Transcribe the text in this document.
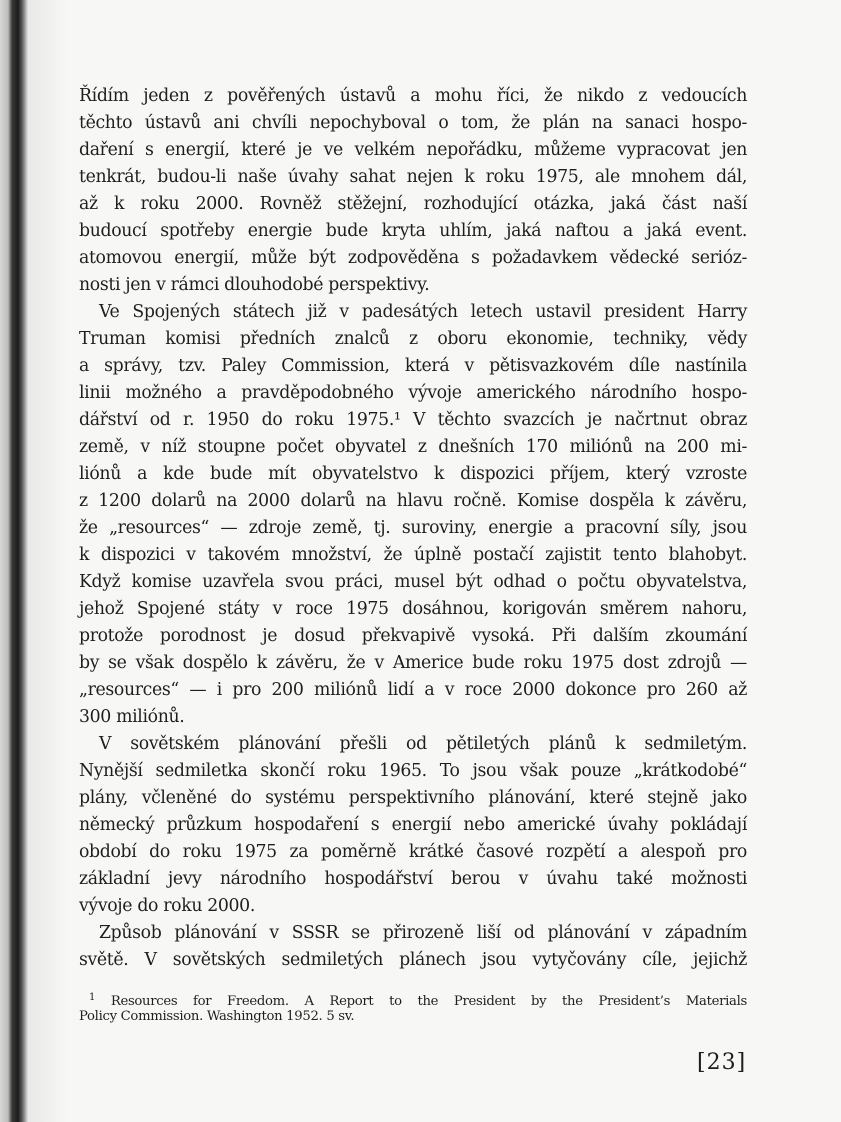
Řídím jeden z pověřených ústavů a mohu říci, že nikdo z vedoucích
těchto ústavů ani chvíli nepochyboval o tom, že plán na sanaci hospo-
daření s energií, které je ve velkém nepořádku, můžeme vypracovat jen
tenkrát, budou-li naše úvahy sahat nejen k roku 1975, ale mnohem dál,
až k roku 2000. Rovněž stěžejní, rozhodující otázka, jaká část naší
budoucí spotřeby energie bude kryta uhlím, jaká naftou a jaká event.
atomovou energií, může být zodpověděna s požadavkem vědecké serióz-
nosti jen v rámci dlouhodobé perspektivy.
Ve Spojených státech již v padesátých letech ustavil president Harry
Truman komisi předních znalců z oboru ekonomie, techniky, vědy
a správy, tzv. Paley Commission, která v pětisvazkovém díle nastínila
linii možného a pravděpodobného vývoje amerického národního hospo-
dářství od r. 1950 do roku 1975.¹ V těchto svazcích je načrtnut obraz
země, v níž stoupne počet obyvatel z dnešních 170 miliónů na 200 mi-
liónů a kde bude mít obyvatelstvo k dispozici příjem, který vzroste
z 1200 dolarů na 2000 dolarů na hlavu ročně. Komise dospěla k závěru,
že „resources“ — zdroje země, tj. suroviny, energie a pracovní síly, jsou
k dispozici v takovém množství, že úplně postačí zajistit tento blahobyt.
Když komise uzavřela svou práci, musel být odhad o počtu obyvatelstva,
jehož Spojené státy v roce 1975 dosáhnou, korigován směrem nahoru,
protože porodnost je dosud překvapivě vysoká. Při dalším zkoumání
by se však dospělo k závěru, že v Americe bude roku 1975 dost zdrojů —
„resources“ — i pro 200 miliónů lidí a v roce 2000 dokonce pro 260 až
300 miliónů.
V sovětském plánování přešli od pětiletých plánů k sedmiletým.
Nynější sedmiletka skončí roku 1965. To jsou však pouze „krátkodobé“
plány, včleněné do systému perspektivního plánování, které stejně jako
německý průzkum hospodaření s energií nebo americké úvahy pokládají
období do roku 1975 za poměrně krátké časové rozpětí a alespoň pro
základní jevy národního hospodářství berou v úvahu také možnosti
vývoje do roku 2000.
Způsob plánování v SSSR se přirozeně liší od plánování v západním
světě. V sovětských sedmiletých plánech jsou vytyčovány cíle, jejichž
$^1$ Resources for Freedom. A Report to the President by the President’s Materials
Policy Commission. Washington 1952. 5 sv.
[23]
